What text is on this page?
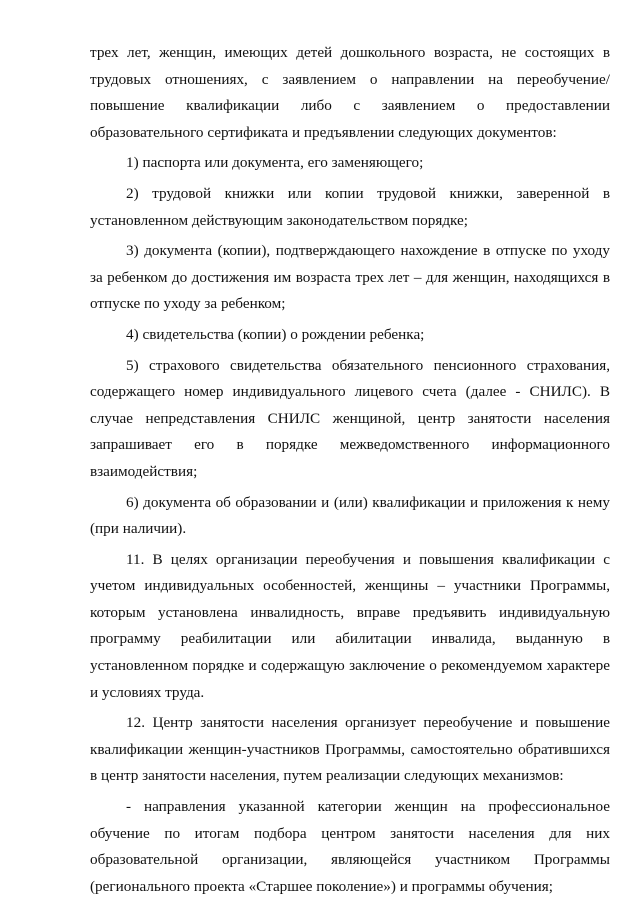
трех лет, женщин, имеющих детей дошкольного возраста, не состоящих в трудовых отношениях, с заявлением о направлении на переобучение/повышение квалификации либо с заявлением о предоставлении образовательного сертификата и предъявлении следующих документов:

1) паспорта или документа, его заменяющего;

2) трудовой книжки или копии трудовой книжки, заверенной в установленном действующим законодательством порядке;

3) документа (копии), подтверждающего нахождение в отпуске по уходу за ребенком до достижения им возраста трех лет – для женщин, находящихся в отпуске по уходу за ребенком;

4) свидетельства (копии) о рождении ребенка;

5) страхового свидетельства обязательного пенсионного страхования, содержащего номер индивидуального лицевого счета (далее - СНИЛС). В случае непредставления СНИЛС женщиной, центр занятости населения запрашивает его в порядке межведомственного информационного взаимодействия;

6) документа об образовании и (или) квалификации и приложения к нему (при наличии).

11. В целях организации переобучения и повышения квалификации с учетом индивидуальных особенностей, женщины – участники Программы, которым установлена инвалидность, вправе предъявить индивидуальную программу реабилитации или абилитации инвалида, выданную в установленном порядке и содержащую заключение о рекомендуемом характере и условиях труда.

12. Центр занятости населения организует переобучение и повышение квалификации женщин-участников Программы, самостоятельно обратившихся в центр занятости населения, путем реализации следующих механизмов:

- направления указанной категории женщин на профессиональное обучение по итогам подбора центром занятости населения для них образовательной организации, являющейся участником Программы (регионального проекта «Старшее поколение») и программы обучения;
